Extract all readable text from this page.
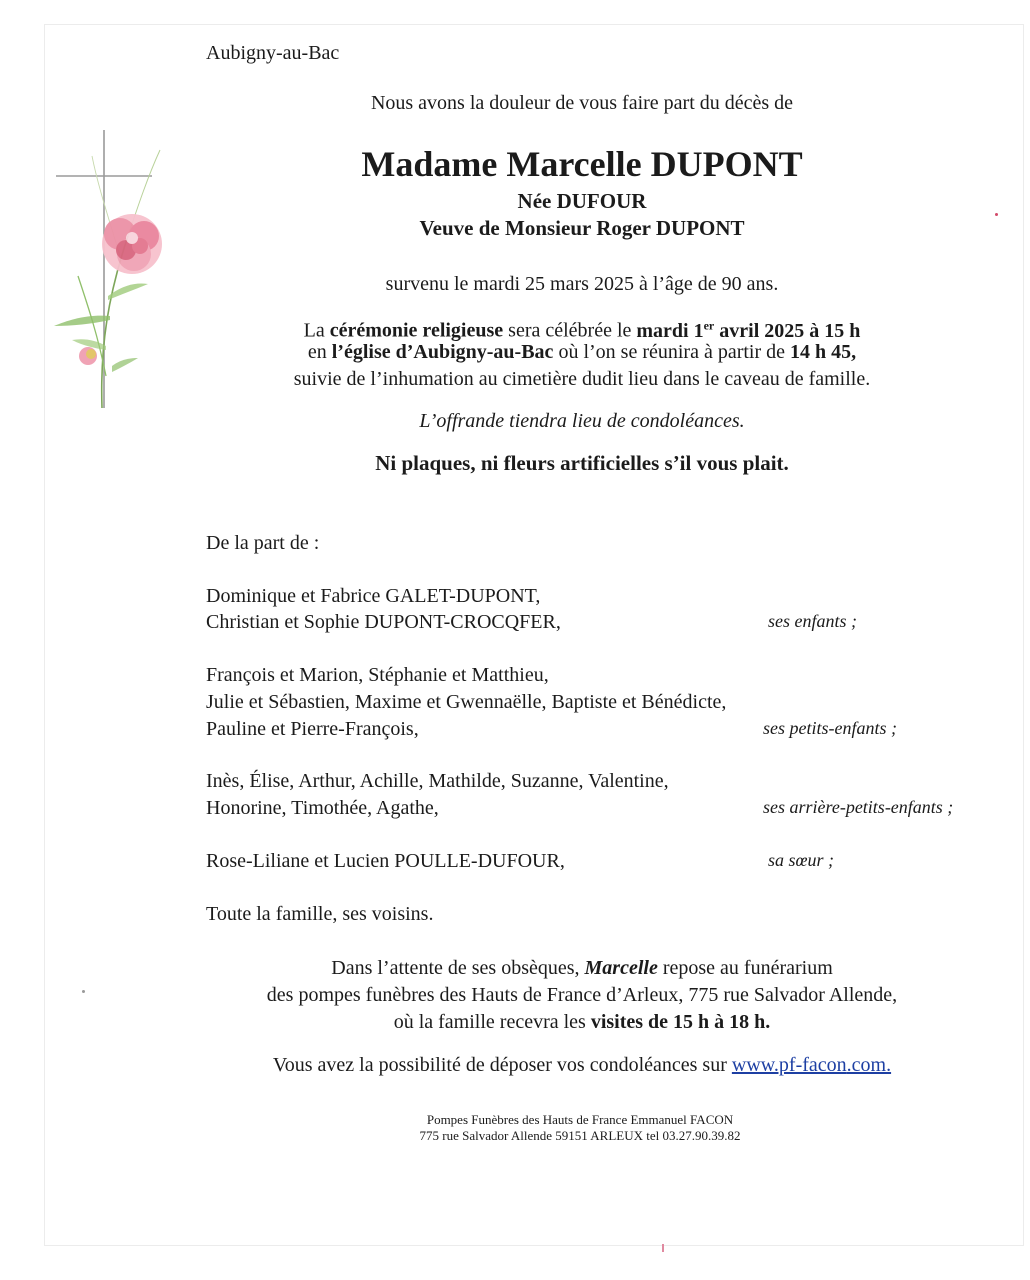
Aubigny-au-Bac
Nous avons la douleur de vous faire part du décès de
Madame Marcelle DUPONT
Née DUFOUR
Veuve de Monsieur Roger DUPONT
survenu le mardi 25 mars 2025 à l’âge de 90 ans.
La cérémonie religieuse sera célébrée le mardi 1er avril 2025 à 15 h
en l’église d’Aubigny-au-Bac où l’on se réunira à partir de 14 h 45,
suivie de l’inhumation au cimetière dudit lieu dans le caveau de famille.
L’offrande tiendra lieu de condoléances.
Ni plaques, ni fleurs artificielles s’il vous plait.
De la part de :
Dominique et Fabrice GALET-DUPONT,
Christian et Sophie DUPONT-CROCQFER,	ses enfants ;
François et Marion, Stéphanie et Matthieu,
Julie et Sébastien, Maxime et Gwennaëlle, Baptiste et Bénédicte,
Pauline et Pierre-François,	ses petits-enfants ;
Inès, Élise, Arthur, Achille, Mathilde, Suzanne, Valentine,
Honorine, Timothée, Agathe,	ses arrière-petits-enfants ;
Rose-Liliane et Lucien POULLE-DUFOUR,	sa sœur ;
Toute la famille, ses voisins.
Dans l’attente de ses obsèques, Marcelle repose au funérarium
des pompes funèbres des Hauts de France d’Arleux, 775 rue Salvador Allende,
où la famille recevra les visites de 15 h à 18 h.
Vous avez la possibilité de déposer vos condoléances sur www.pf-facon.com.
Pompes Funèbres des Hauts de France Emmanuel FACON
775 rue Salvador Allende 59151 ARLEUX tel 03.27.90.39.82
